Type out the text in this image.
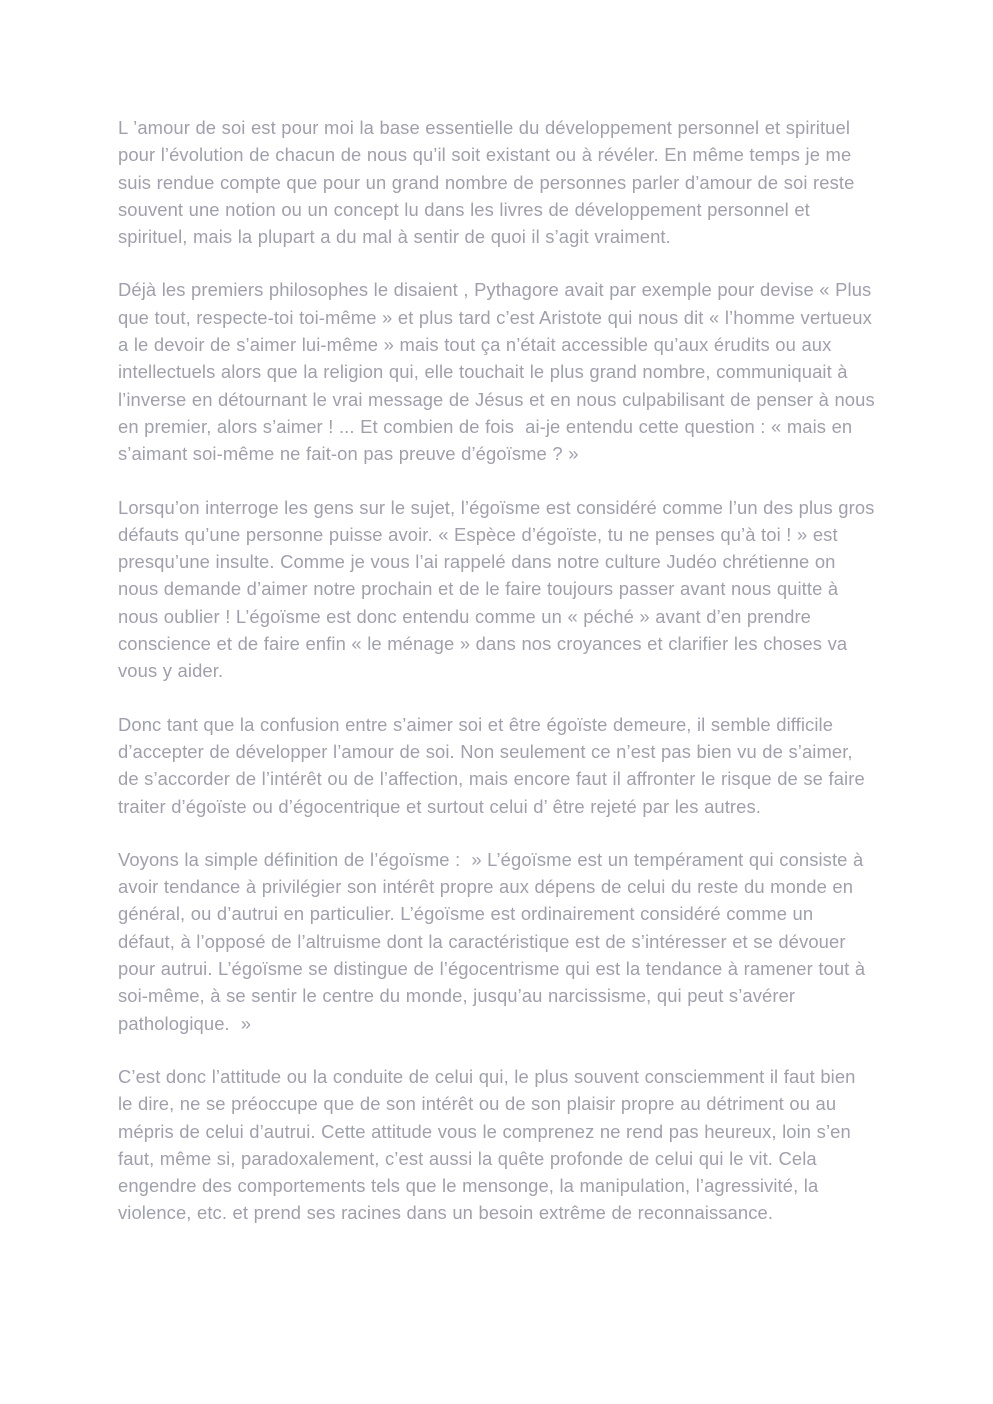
L ’amour de soi est pour moi la base essentielle du développement personnel et spirituel pour l’évolution de chacun de nous qu’il soit existant ou à révéler. En même temps je me suis rendue compte que pour un grand nombre de personnes parler d’amour de soi reste souvent une notion ou un concept lu dans les livres de développement personnel et spirituel, mais la plupart a du mal à sentir de quoi il s’agit vraiment.

Déjà les premiers philosophes le disaient , Pythagore avait par exemple pour devise « Plus que tout, respecte-toi toi-même » et plus tard c’est Aristote qui nous dit « l’homme vertueux a le devoir de s’aimer lui-même » mais tout ça n’était accessible qu’aux érudits ou aux intellectuels alors que la religion qui, elle touchait le plus grand nombre, communiquait à l’inverse en détournant le vrai message de Jésus et en nous culpabilisant de penser à nous en premier, alors s’aimer ! ... Et combien de fois  ai-je entendu cette question : « mais en s’aimant soi-même ne fait-on pas preuve d’égoïsme ? »

Lorsqu’on interroge les gens sur le sujet, l’égoïsme est considéré comme l’un des plus gros défauts qu’une personne puisse avoir. « Espèce d’égoïste, tu ne penses qu’à toi ! » est presqu’une insulte. Comme je vous l’ai rappelé dans notre culture Judéo chrétienne on nous demande d’aimer notre prochain et de le faire toujours passer avant nous quitte à nous oublier ! L’égoïsme est donc entendu comme un « péché » avant d’en prendre conscience et de faire enfin « le ménage » dans nos croyances et clarifier les choses va vous y aider.

Donc tant que la confusion entre s’aimer soi et être égoïste demeure, il semble difficile d’accepter de développer l’amour de soi. Non seulement ce n’est pas bien vu de s’aimer, de s’accorder de l’intérêt ou de l’affection, mais encore faut il affronter le risque de se faire traiter d’égoïste ou d’égocentrique et surtout celui d’ être rejeté par les autres.

Voyons la simple définition de l’égoïsme :  » L’égoïsme est un tempérament qui consiste à avoir tendance à privilégier son intérêt propre aux dépens de celui du reste du monde en général, ou d’autrui en particulier. L’égoïsme est ordinairement considéré comme un défaut, à l’opposé de l’altruisme dont la caractéristique est de s’intéresser et se dévouer pour autrui. L’égoïsme se distingue de l’égocentrisme qui est la tendance à ramener tout à soi-même, à se sentir le centre du monde, jusqu’au narcissisme, qui peut s’avérer pathologique.  »

C’est donc l’attitude ou la conduite de celui qui, le plus souvent consciemment il faut bien le dire, ne se préoccupe que de son intérêt ou de son plaisir propre au détriment ou au mépris de celui d’autrui. Cette attitude vous le comprenez ne rend pas heureux, loin s’en faut, même si, paradoxalement, c’est aussi la quête profonde de celui qui le vit. Cela engendre des comportements tels que le mensonge, la manipulation, l’agressivité, la violence, etc. et prend ses racines dans un besoin extrême de reconnaissance.
